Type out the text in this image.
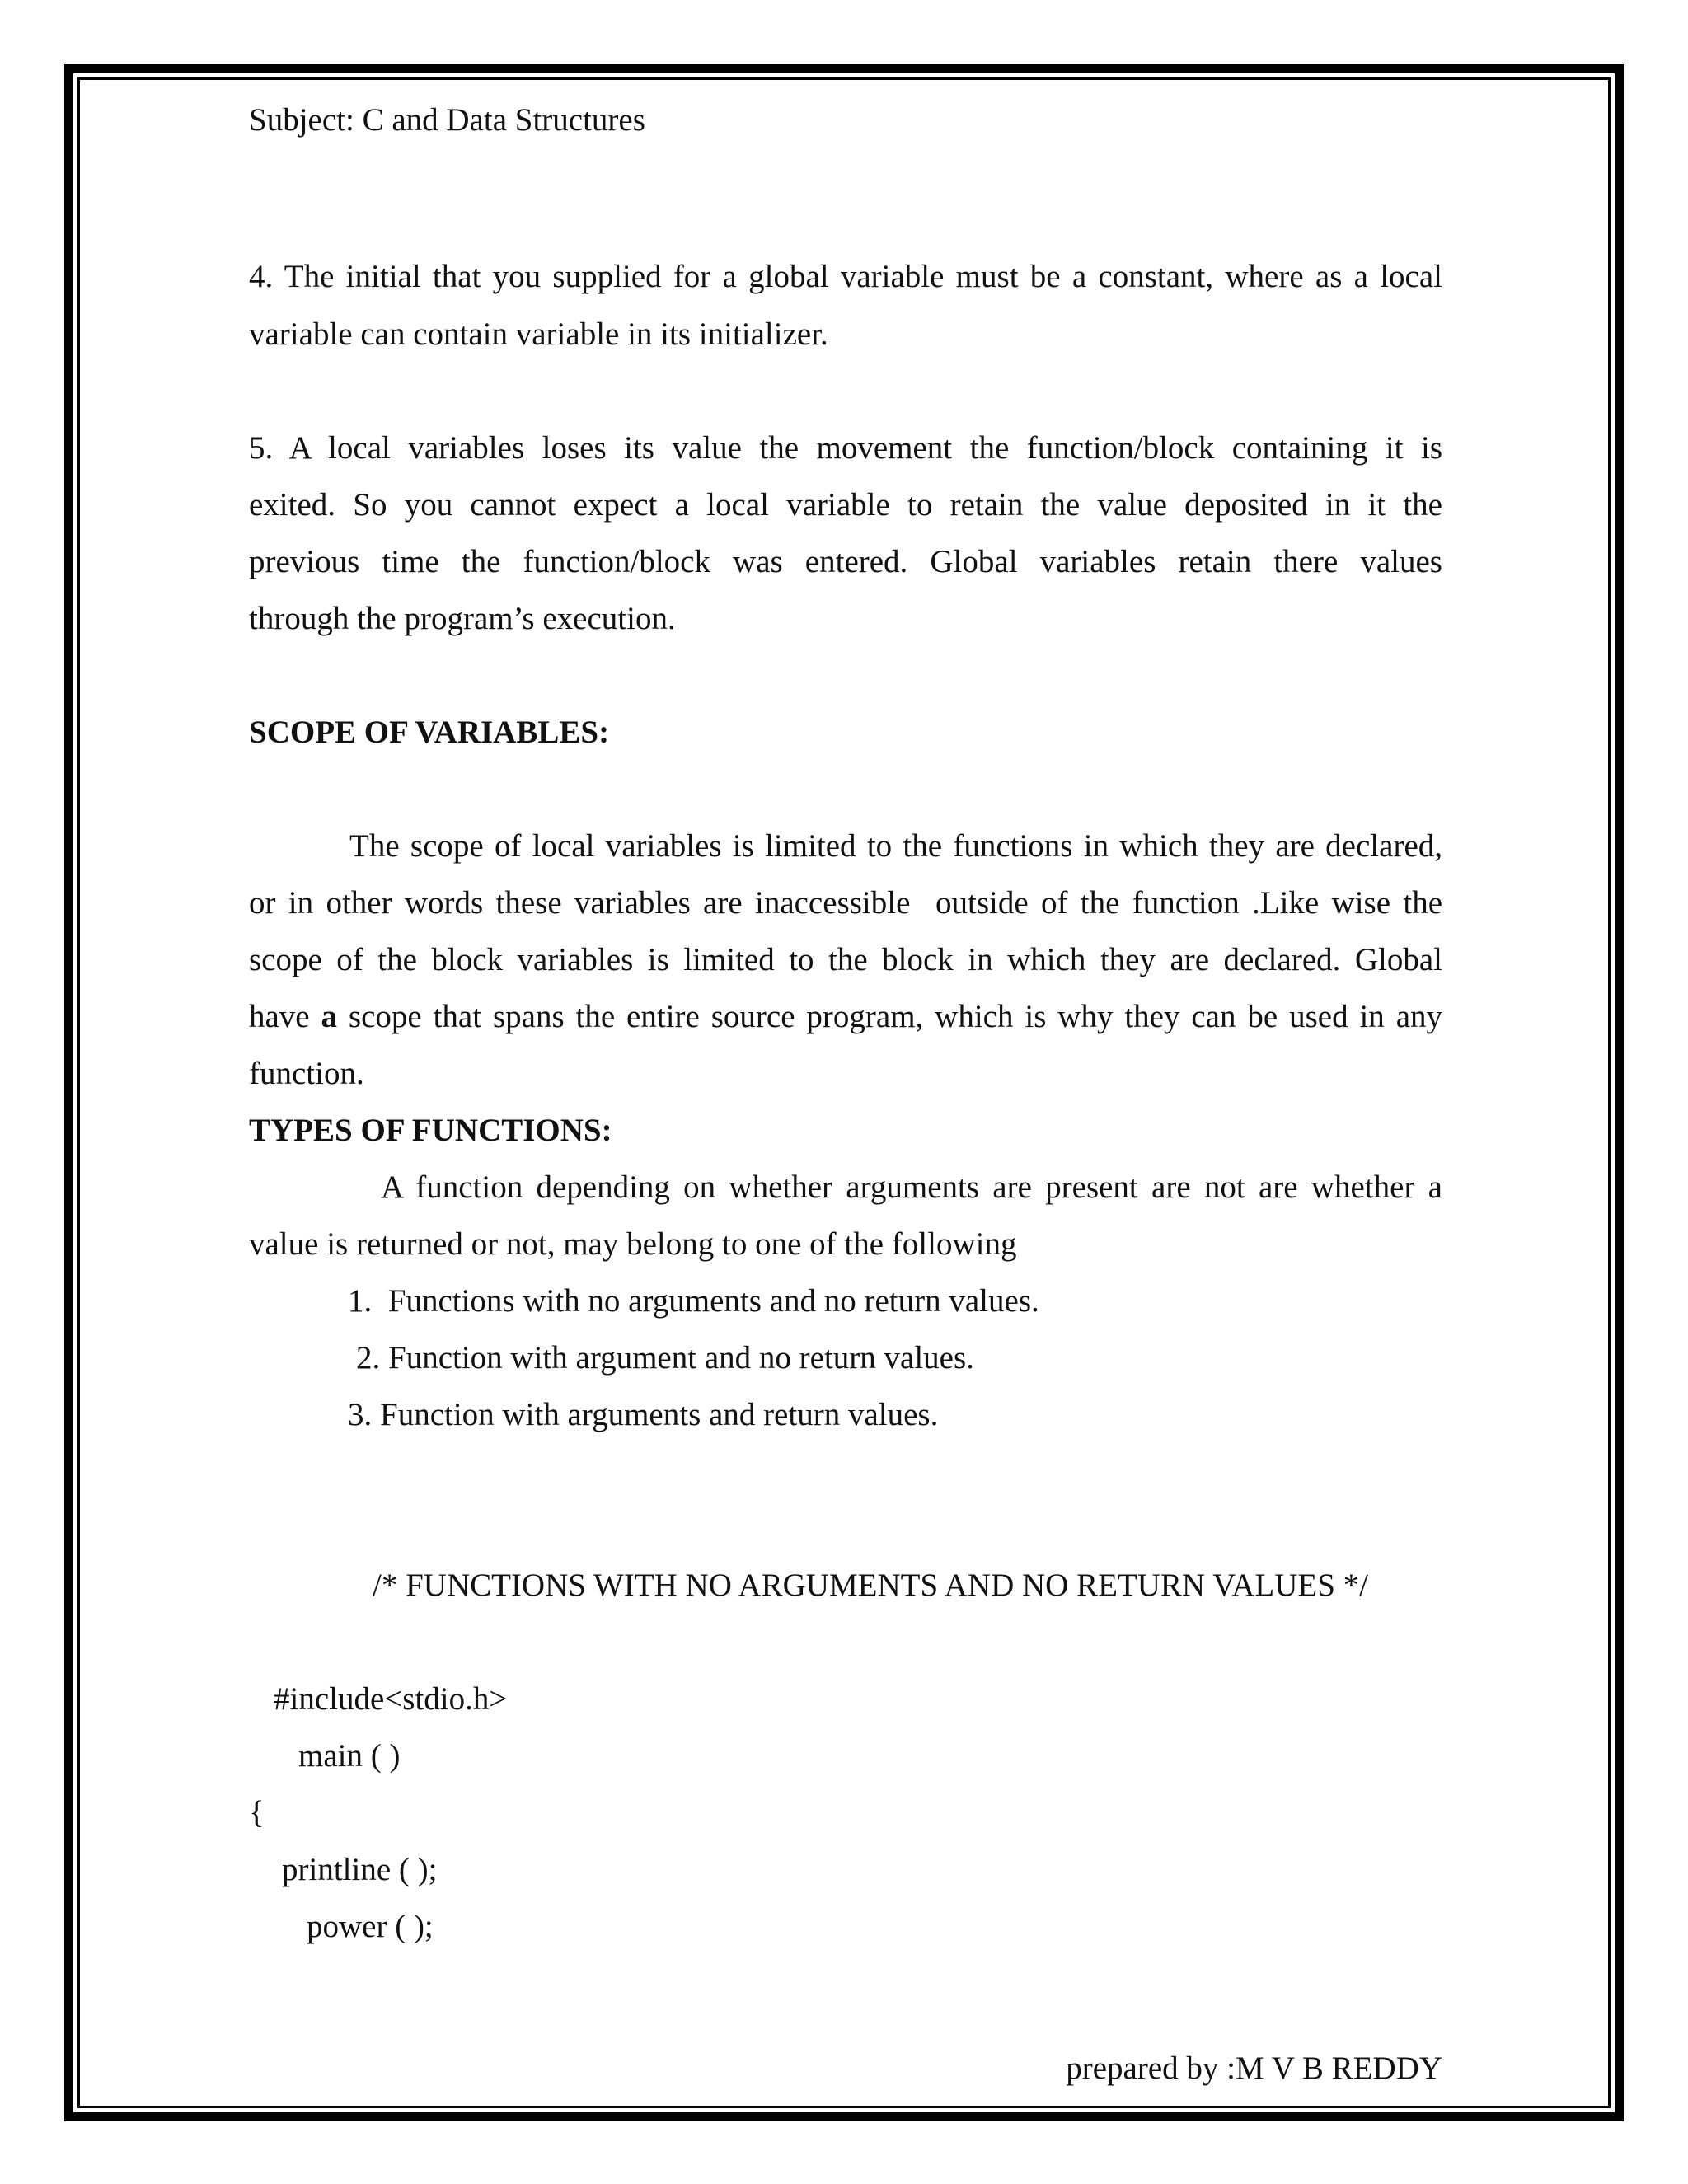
Subject: C and Data Structures
4. The initial that you supplied for a global variable must be a constant, where as a local
variable can contain variable in its initializer.
5. A local variables loses its value the movement the function/block containing it is
exited. So you cannot expect a local variable to retain the value deposited in it the
previous time the function/block was entered. Global variables retain there values
through the program’s execution.
SCOPE OF VARIABLES:
The scope of local variables is limited to the functions in which they are declared,
or in other words these variables are inaccessible  outside of the function .Like wise the
scope of the block variables is limited to the block in which they are declared. Global
have a scope that spans the entire source program, which is why they can be used in any
function.
TYPES OF FUNCTIONS:
A function depending on whether arguments are present are not are whether a
value is returned or not, may belong to one of the following
1.  Functions with no arguments and no return values.
2. Function with argument and no return values.
3. Function with arguments and return values.
/* FUNCTIONS WITH NO ARGUMENTS AND NO RETURN VALUES */
#include<stdio.h>
main ( )
{
printline ( );
power ( );
prepared by :M V B REDDY
